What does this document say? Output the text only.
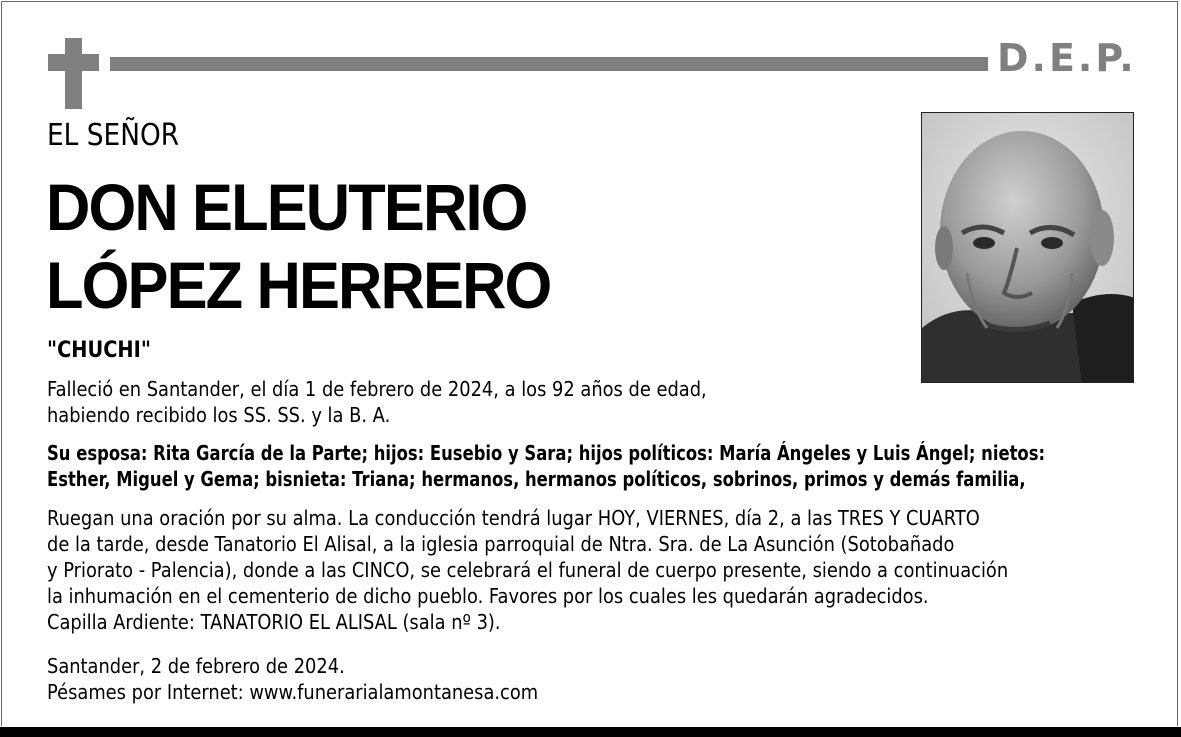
D.E.P.
EL SEÑOR
DON ELEUTERIO
LÓPEZ HERRERO
"CHUCHI"
Falleció en Santander, el día 1 de febrero de 2024, a los 92 años de edad,
habiendo recibido los SS. SS. y la B. A.
Su esposa: Rita García de la Parte; hijos: Eusebio y Sara; hijos políticos: María Ángeles y Luis Ángel; nietos:
Esther, Miguel y Gema; bisnieta: Triana; hermanos, hermanos políticos, sobrinos, primos y demás familia,
Ruegan una oración por su alma. La conducción tendrá lugar HOY, VIERNES, día 2, a las TRES Y CUARTO
de la tarde, desde Tanatorio El Alisal, a la iglesia parroquial de Ntra. Sra. de La Asunción (Sotobañado
y Priorato - Palencia), donde a las CINCO, se celebrará el funeral de cuerpo presente, siendo a continuación
la inhumación en el cementerio de dicho pueblo. Favores por los cuales les quedarán agradecidos.
Capilla Ardiente: TANATORIO EL ALISAL (sala nº 3).
Santander, 2 de febrero de 2024.
Pésames por Internet: www.funerarialamontanesa.com
